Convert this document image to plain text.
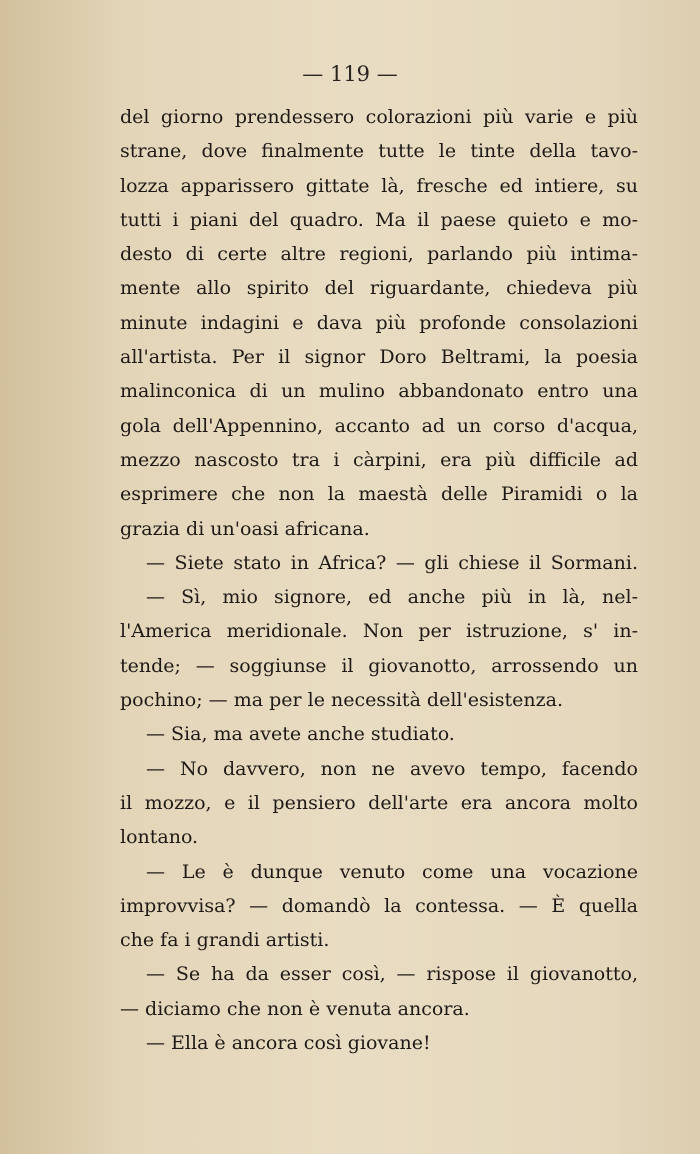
— 119 —
del giorno prendessero colorazioni più varie e più
strane, dove finalmente tutte le tinte della tavo-
lozza apparissero gittate là, fresche ed intiere, su
tutti i piani del quadro. Ma il paese quieto e mo-
desto di certe altre regioni, parlando più intima-
mente allo spirito del riguardante, chiedeva più
minute indagini e dava più profonde consolazioni
all'artista. Per il signor Doro Beltrami, la poesia
malinconica di un mulino abbandonato entro una
gola dell'Appennino, accanto ad un corso d'acqua,
mezzo nascosto tra i càrpini, era più difficile ad
esprimere che non la maestà delle Piramidi o la
grazia di un'oasi africana.
— Siete stato in Africa? — gli chiese il Sormani.
— Sì, mio signore, ed anche più in là, nel-
l'America meridionale. Non per istruzione, s' in-
tende; — soggiunse il giovanotto, arrossendo un
pochino; — ma per le necessità dell'esistenza.
— Sia, ma avete anche studiato.
— No davvero, non ne avevo tempo, facendo
il mozzo, e il pensiero dell'arte era ancora molto
lontano.
— Le è dunque venuto come una vocazione
improvvisa? — domandò la contessa. — È quella
che fa i grandi artisti.
— Se ha da esser così, — rispose il giovanotto,
— diciamo che non è venuta ancora.
— Ella è ancora così giovane!
